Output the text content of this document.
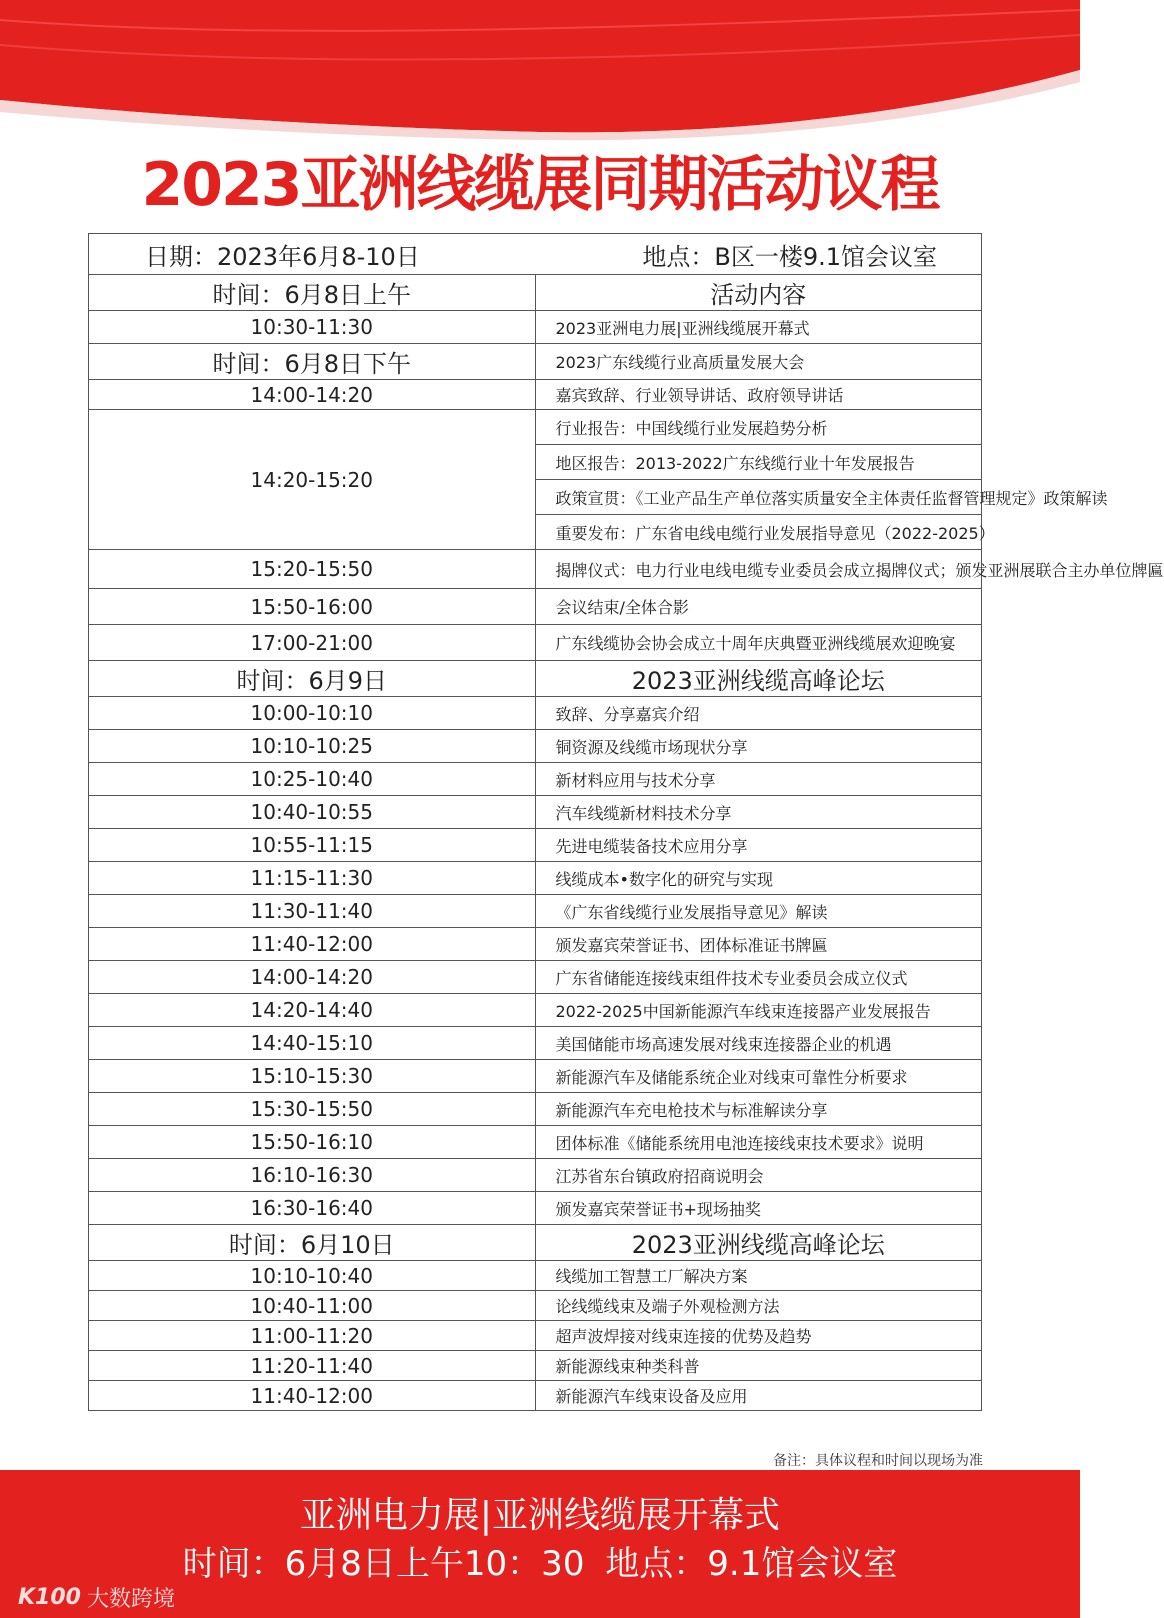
2023亚洲线缆展同期活动议程
日期：2023年6月8-10日 地点：B区一楼9.1馆会议室	

时间：6月8日上午	活动内容
10:30-11:30	2023亚洲电力展|亚洲线缆展开幕式
时间：6月8日下午	2023广东线缆行业高质量发展大会
14:00-14:20	嘉宾致辞、行业领导讲话、政府领导讲话
14:20-15:20	行业报告：中国线缆行业发展趋势分析
	地区报告：2013-2022广东线缆行业十年发展报告
	政策宣贯：《工业产品生产单位落实质量安全主体责任监督管理规定》政策解读
	重要发布：广东省电线电缆行业发展指导意见（2022-2025）
15:20-15:50	揭牌仪式：电力行业电线电缆专业委员会成立揭牌仪式；颁发亚洲展联合主办单位牌匾
15:50-16:00	会议结束/全体合影
17:00-21:00	广东线缆协会协会成立十周年庆典暨亚洲线缆展欢迎晚宴
时间：6月9日	2023亚洲线缆高峰论坛
10:00-10:10	致辞、分享嘉宾介绍
10:10-10:25	铜资源及线缆市场现状分享
10:25-10:40	新材料应用与技术分享
10:40-10:55	汽车线缆新材料技术分享
10:55-11:15	先进电缆装备技术应用分享
11:15-11:30	线缆成本•数字化的研究与实现
11:30-11:40	《广东省线缆行业发展指导意见》解读
11:40-12:00	颁发嘉宾荣誉证书、团体标准证书牌匾
14:00-14:20	广东省储能连接线束组件技术专业委员会成立仪式
14:20-14:40	2022-2025中国新能源汽车线束连接器产业发展报告
14:40-15:10	美国储能市场高速发展对线束连接器企业的机遇
15:10-15:30	新能源汽车及储能系统企业对线束可靠性分析要求
15:30-15:50	新能源汽车充电枪技术与标准解读分享
15:50-16:10	团体标准《储能系统用电池连接线束技术要求》说明
16:10-16:30	江苏省东台镇政府招商说明会
16:30-16:40	颁发嘉宾荣誉证书+现场抽奖
时间：6月10日	2023亚洲线缆高峰论坛
10:10-10:40	线缆加工智慧工厂解决方案
10:40-11:00	论线缆线束及端子外观检测方法
11:00-11:20	超声波焊接对线束连接的优势及趋势
11:20-11:40	新能源线束种类科普
11:40-12:00	新能源汽车线束设备及应用
备注：具体议程和时间以现场为准
亚洲电力展|亚洲线缆展开幕式
时间：6月8日上午10：30 地点：9.1馆会议室
K100 大数跨境
